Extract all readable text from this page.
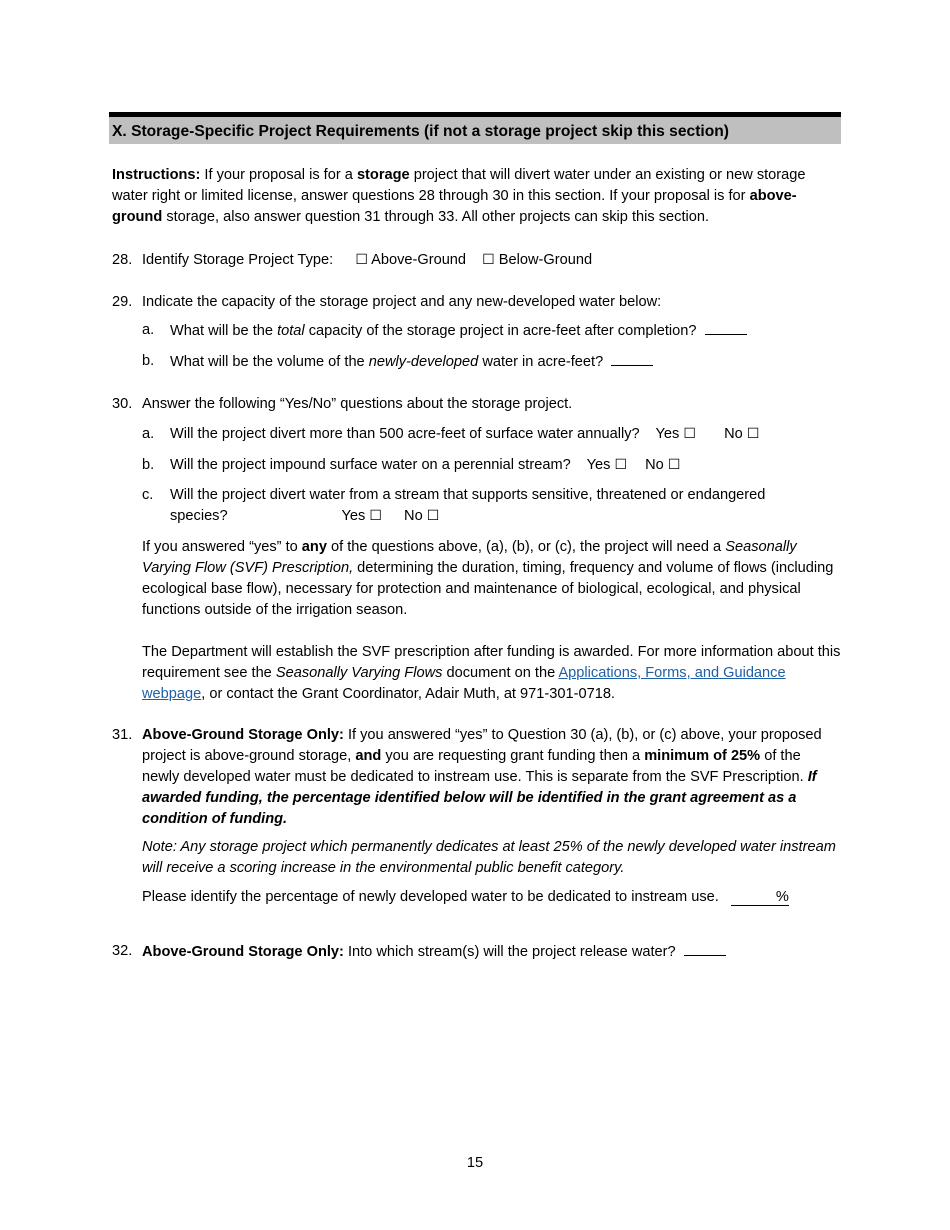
X. Storage-Specific Project Requirements (if not a storage project skip this section)
Instructions: If your proposal is for a storage project that will divert water under an existing or new storage water right or limited license, answer questions 28 through 30 in this section. If your proposal is for above-ground storage, also answer question 31 through 33. All other projects can skip this section.
28. Identify Storage Project Type: ☐ Above-Ground ☐ Below-Ground
29. Indicate the capacity of the storage project and any new-developed water below:
a. What will be the total capacity of the storage project in acre-feet after completion?
b. What will be the volume of the newly-developed water in acre-feet?
30. Answer the following “Yes/No” questions about the storage project.
a. Will the project divert more than 500 acre-feet of surface water annually? Yes ☐ No ☐
b. Will the project impound surface water on a perennial stream? Yes ☐ No ☐
c. Will the project divert water from a stream that supports sensitive, threatened or endangered
species?	Yes ☐ No ☐
If you answered “yes” to any of the questions above, (a), (b), or (c), the project will need a Seasonally Varying Flow (SVF) Prescription, determining the duration, timing, frequency and volume of flows (including ecological base flow), necessary for protection and maintenance of biological, ecological, and physical functions outside of the irrigation season.
The Department will establish the SVF prescription after funding is awarded. For more information about this requirement see the Seasonally Varying Flows document on the Applications, Forms, and Guidance webpage, or contact the Grant Coordinator, Adair Muth, at 971-301-0718.
31. Above-Ground Storage Only: If you answered “yes” to Question 30 (a), (b), or (c) above, your proposed project is above-ground storage, and you are requesting grant funding then a minimum of 25% of the newly developed water must be dedicated to instream use. This is separate from the SVF Prescription. If awarded funding, the percentage identified below will be identified in the grant agreement as a condition of funding.
Note: Any storage project which permanently dedicates at least 25% of the newly developed water instream will receive a scoring increase in the environmental public benefit category.
Please identify the percentage of newly developed water to be dedicated to instream use.	%
32. Above-Ground Storage Only: Into which stream(s) will the project release water?
15
